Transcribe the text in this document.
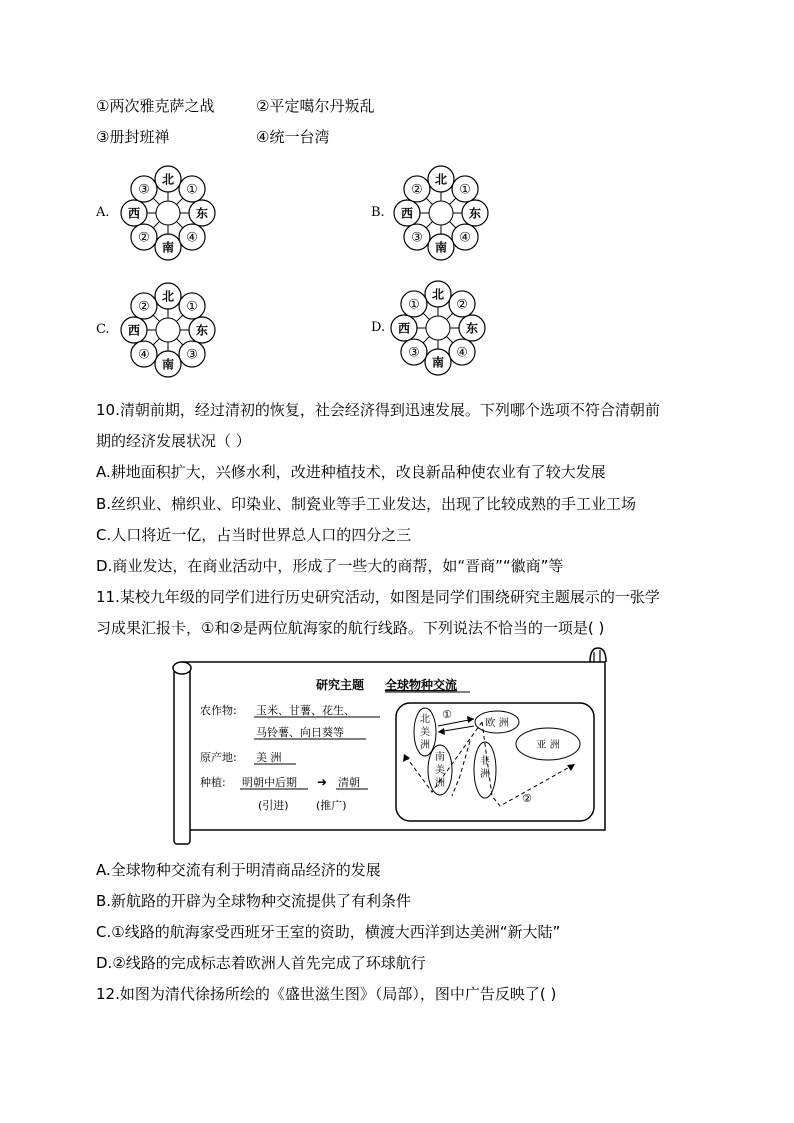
①两次雅克萨之战	②平定噶尔丹叛乱
③册封班禅	④统一台湾
A.
北
南
东
西
③	①
②	④
B.
北
南
东
西
②	①
③	④
C.
北
南
东
西
②	①
④	③
D.
北
南
东
西
①	②
③	④
10.清朝前期，经过清初的恢复，社会经济得到迅速发展。下列哪个选项不符合清朝前
期的经济发展状况（ ）
A.耕地面积扩大，兴修水利，改进种植技术，改良新品种使农业有了较大发展
B.丝织业、棉织业、印染业、制瓷业等手工业发达，出现了比较成熟的手工业工场
C.人口将近一亿，占当时世界总人口的四分之三
D.商业发达，在商业活动中，形成了一些大的商帮，如“晋商”“徽商”等
11.某校九年级的同学们进行历史研究活动，如图是同学们围绕研究主题展示的一张学
习成果汇报卡，①和②是两位航海家的航行线路。下列说法不恰当的一项是( )
研究主题 全球物种交流
农作物: 玉米、甘薯、花生、
马铃薯、向日葵等
原产地: 美 洲
种植: 明朝中后期 ➜ 清朝
(引进) (推广)
北
美
洲
南
美
洲
欧 洲
非
洲
亚 洲
①
②
A.全球物种交流有利于明清商品经济的发展
B.新航路的开辟为全球物种交流提供了有利条件
C.①线路的航海家受西班牙王室的资助，横渡大西洋到达美洲“新大陆”
D.②线路的完成标志着欧洲人首先完成了环球航行
12.如图为清代徐扬所绘的《盛世滋生图》（局部），图中广告反映了( )
